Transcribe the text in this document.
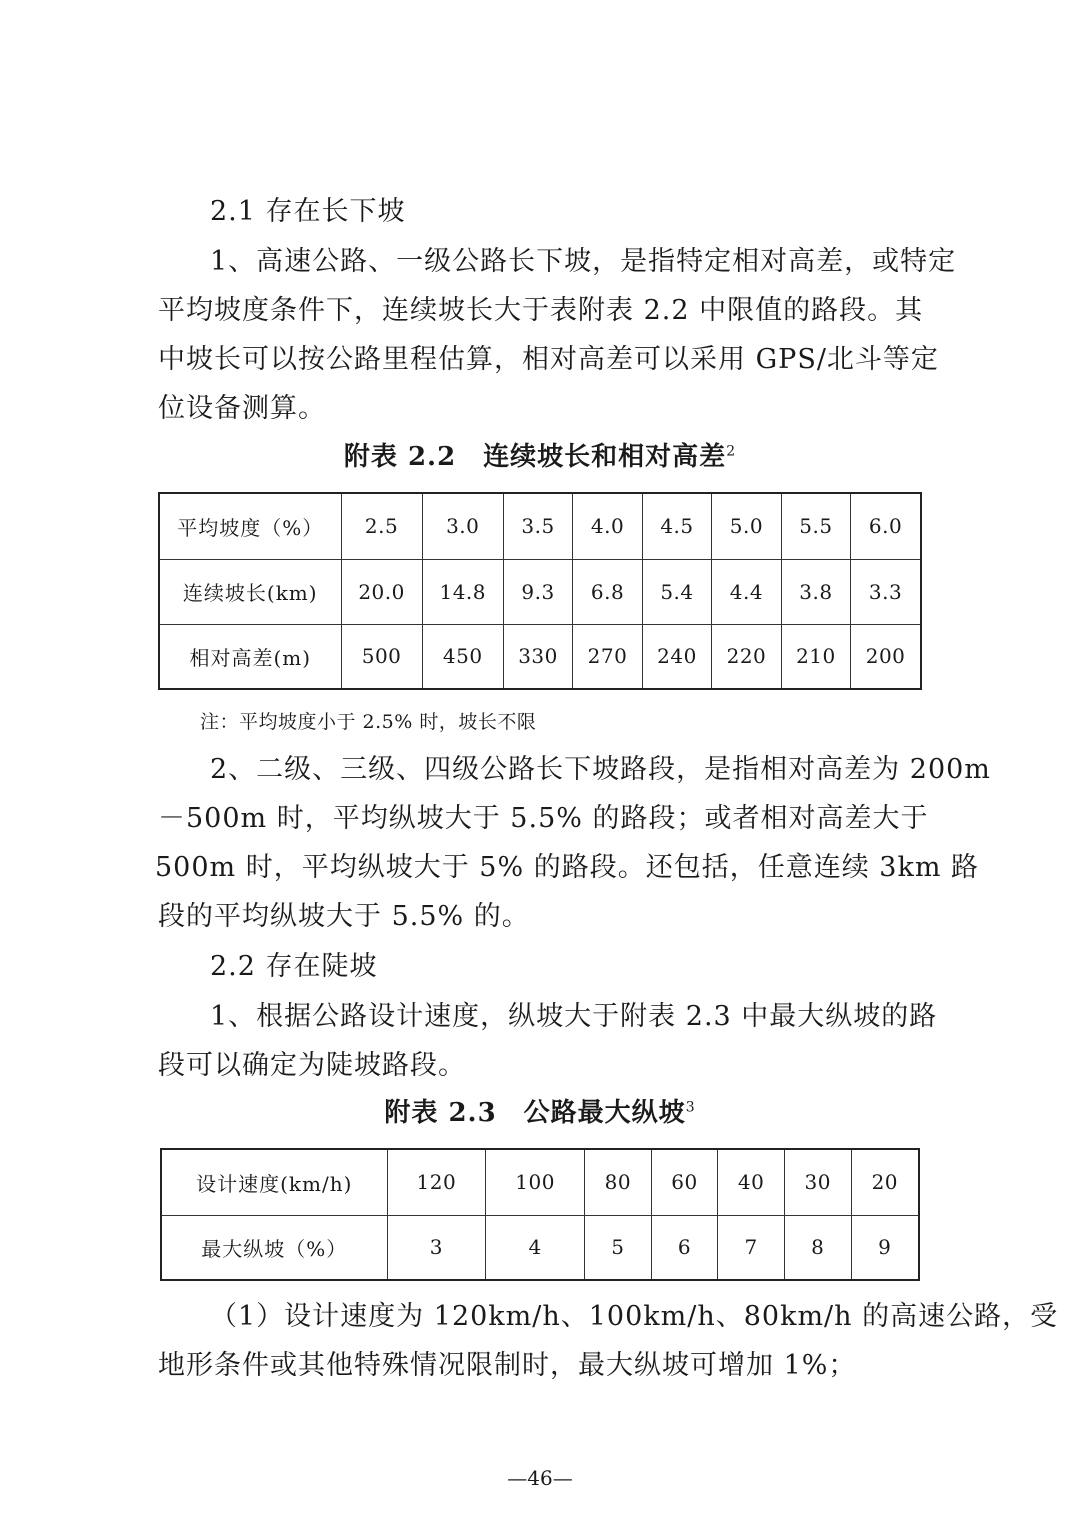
2.1 存在长下坡
1、高速公路、一级公路长下坡，是指特定相对高差，或特定
平均坡度条件下，连续坡长大于表附表 2.2 中限值的路段。其
中坡长可以按公路里程估算，相对高差可以采用 GPS/北斗等定
位设备测算。
附表 2.2　连续坡长和相对高差$^2$
平均坡度（%）	2.5	3.0	3.5	4.0	4.5	5.0	5.5	6.0
连续坡长(km)	20.0	14.8	9.3	6.8	5.4	4.4	3.8	3.3
相对高差(m)	500	450	330	270	240	220	210	200
注：平均坡度小于 2.5% 时，坡长不限
2、二级、三级、四级公路长下坡路段，是指相对高差为 200m
－500m 时，平均纵坡大于 5.5% 的路段；或者相对高差大于
500m 时，平均纵坡大于 5% 的路段。还包括，任意连续 3km 路
段的平均纵坡大于 5.5% 的。
2.2 存在陡坡
1、根据公路设计速度，纵坡大于附表 2.3 中最大纵坡的路
段可以确定为陡坡路段。
附表 2.3　公路最大纵坡$^3$
设计速度(km/h)	120	100	80	60	40	30	20
最大纵坡（%）	3	4	5	6	7	8	9
（1）设计速度为 120km/h、100km/h、80km/h 的高速公路，受
地形条件或其他特殊情况限制时，最大纵坡可增加 1%；
—46—
